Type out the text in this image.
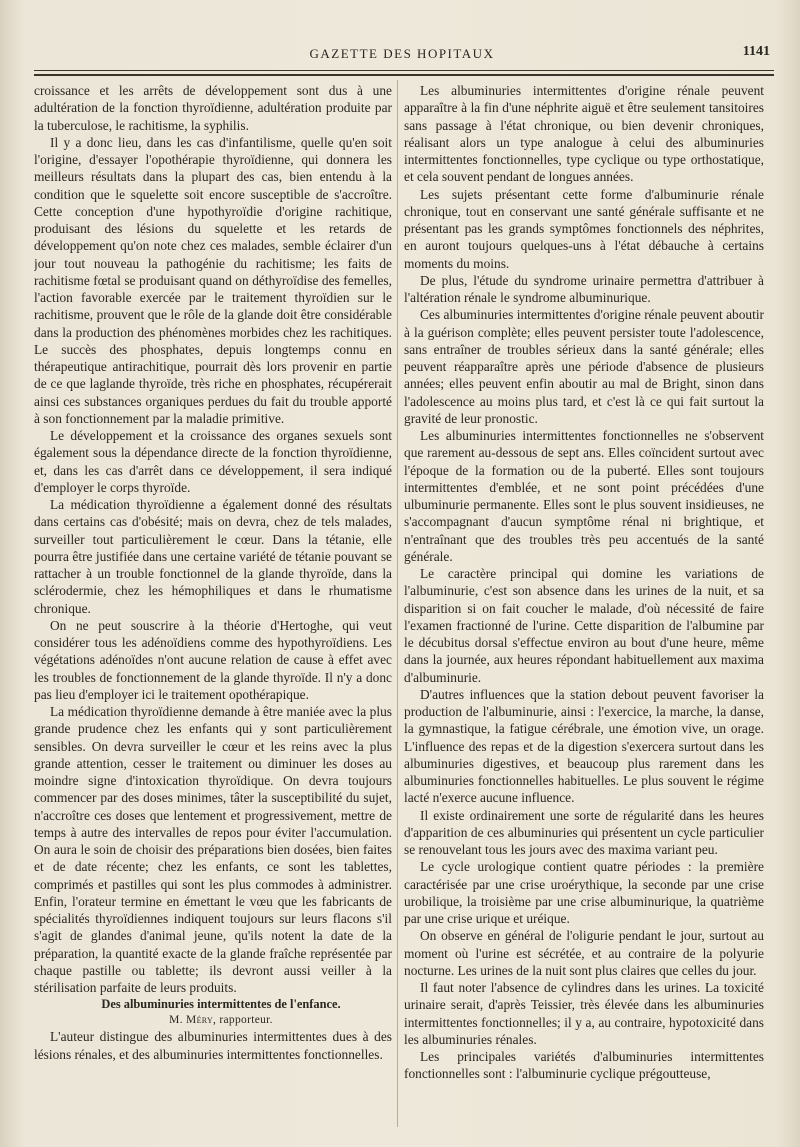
GAZETTE DES HOPITAUX	1141

croissance et les arrêts de développement sont dus à une adultération de la fonction thyroïdienne, adultération produite par la tuberculose, le rachitisme, la syphilis.

Il y a donc lieu, dans les cas d'infantilisme, quelle qu'en soit l'origine, d'essayer l'opothérapie thyroïdienne, qui donnera les meilleurs résultats dans la plupart des cas, bien entendu à la condition que le squelette soit encore susceptible de s'accroître. Cette conception d'une hypothyroïdie d'origine rachitique, produisant des lésions du squelette et les retards de développement qu'on note chez ces malades, semble éclairer d'un jour tout nouveau la pathogénie du rachitisme; les faits de rachitisme fœtal se produisant quand on déthyroïdise des femelles, l'action favorable exercée par le traitement thyroïdien sur le rachitisme, prouvent que le rôle de la glande doit être considérable dans la production des phénomènes morbides chez les rachitiques. Le succès des phosphates, depuis longtemps connu en thérapeutique antirachitique, pourrait dès lors provenir en partie de ce que laglande thyroïde, très riche en phosphates, récupérerait ainsi ces substances organiques perdues du fait du trouble apporté à son fonctionnement par la maladie primitive.

Le développement et la croissance des organes sexuels sont également sous la dépendance directe de la fonction thyroïdienne, et, dans les cas d'arrêt dans ce développement, il sera indiqué d'employer le corps thyroïde.

La médication thyroïdienne a également donné des résultats dans certains cas d'obésité; mais on devra, chez de tels malades, surveiller tout particulièrement le cœur. Dans la tétanie, elle pourra être justifiée dans une certaine variété de tétanie pouvant se rattacher à un trouble fonctionnel de la glande thyroïde, dans la sclérodermie, chez les hémophiliques et dans le rhumatisme chronique.

On ne peut souscrire à la théorie d'Hertoghe, qui veut considérer tous les adénoïdiens comme des hypothyroïdiens. Les végétations adénoïdes n'ont aucune relation de cause à effet avec les troubles de fonctionnement de la glande thyroïde. Il n'y a donc pas lieu d'employer ici le traitement opothérapique.

La médication thyroïdienne demande à être maniée avec la plus grande prudence chez les enfants qui y sont particulièrement sensibles. On devra surveiller le cœur et les reins avec la plus grande attention, cesser le traitement ou diminuer les doses au moindre signe d'intoxication thyroïdique. On devra toujours commencer par des doses minimes, tâter la susceptibilité du sujet, n'accroître ces doses que lentement et progressivement, mettre de temps à autre des intervalles de repos pour éviter l'accumulation. On aura le soin de choisir des préparations bien dosées, bien faites et de date récente; chez les enfants, ce sont les tablettes, comprimés et pastilles qui sont les plus commodes à administrer. Enfin, l'orateur termine en émettant le vœu que les fabricants de spécialités thyroïdiennes indiquent toujours sur leurs flacons s'il s'agit de glandes d'animal jeune, qu'ils notent la date de la préparation, la quantité exacte de la glande fraîche représentée par chaque pastille ou tablette; ils devront aussi veiller à la stérilisation parfaite de leurs produits.

Des albuminuries intermittentes de l'enfance.

M. Méry, rapporteur.

L'auteur distingue des albuminuries intermittentes dues à des lésions rénales, et des albuminuries intermittentes fonctionnelles.

Les albuminuries intermittentes d'origine rénale peuvent apparaître à la fin d'une néphrite aiguë et être seulement tansitoires sans passage à l'état chronique, ou bien devenir chroniques, réalisant alors un type analogue à celui des albuminuries intermittentes fonctionnelles, type cyclique ou type orthostatique, et cela souvent pendant de longues années.

Les sujets présentant cette forme d'albuminurie rénale chronique, tout en conservant une santé générale suffisante et ne présentant pas les grands symptômes fonctionnels des néphrites, en auront toujours quelques-uns à l'état débauche à certains moments du moins.

De plus, l'étude du syndrome urinaire permettra d'attribuer à l'altération rénale le syndrome albuminurique.

Ces albuminuries intermittentes d'origine rénale peuvent aboutir à la guérison complète; elles peuvent persister toute l'adolescence, sans entraîner de troubles sérieux dans la santé générale; elles peuvent réapparaître après une période d'absence de plusieurs années; elles peuvent enfin aboutir au mal de Bright, sinon dans l'adolescence au moins plus tard, et c'est là ce qui fait surtout la gravité de leur pronostic.

Les albuminuries intermittentes fonctionnelles ne s'observent que rarement au-dessous de sept ans. Elles coïncident surtout avec l'époque de la formation ou de la puberté. Elles sont toujours intermittentes d'emblée, et ne sont point précédées d'une ulbuminurie permanente. Elles sont le plus souvent insidieuses, ne s'accompagnant d'aucun symptôme rénal ni brightique, et n'entraînant que des troubles très peu accentués de la santé générale.

Le caractère principal qui domine les variations de l'albuminurie, c'est son absence dans les urines de la nuit, et sa disparition si on fait coucher le malade, d'où nécessité de faire l'examen fractionné de l'urine. Cette disparition de l'albumine par le décubitus dorsal s'effectue environ au bout d'une heure, même dans la journée, aux heures répondant habituellement aux maxima d'albuminurie.

D'autres influences que la station debout peuvent favoriser la production de l'albuminurie, ainsi : l'exercice, la marche, la danse, la gymnastique, la fatigue cérébrale, une émotion vive, un orage. L'influence des repas et de la digestion s'exercera surtout dans les albuminuries digestives, et beaucoup plus rarement dans les albuminuries fonctionnelles habituelles. Le plus souvent le régime lacté n'exerce aucune influence.

Il existe ordinairement une sorte de régularité dans les heures d'apparition de ces albuminuries qui présentent un cycle particulier se renouvelant tous les jours avec des maxima variant peu.

Le cycle urologique contient quatre périodes : la première caractérisée par une crise uroérythique, la seconde par une crise urobilique, la troisième par une crise albuminurique, la quatrième par une crise urique et uréique.

On observe en général de l'oligurie pendant le jour, surtout au moment où l'urine est sécrétée, et au contraire de la polyurie nocturne. Les urines de la nuit sont plus claires que celles du jour.

Il faut noter l'absence de cylindres dans les urines. La toxicité urinaire serait, d'après Teissier, très élevée dans les albuminuries intermittentes fonctionnelles; il y a, au contraire, hypotoxicité dans les albuminuries rénales.

Les principales variétés d'albuminuries intermittentes fonctionnelles sont : l'albuminurie cyclique prégoutteuse,
